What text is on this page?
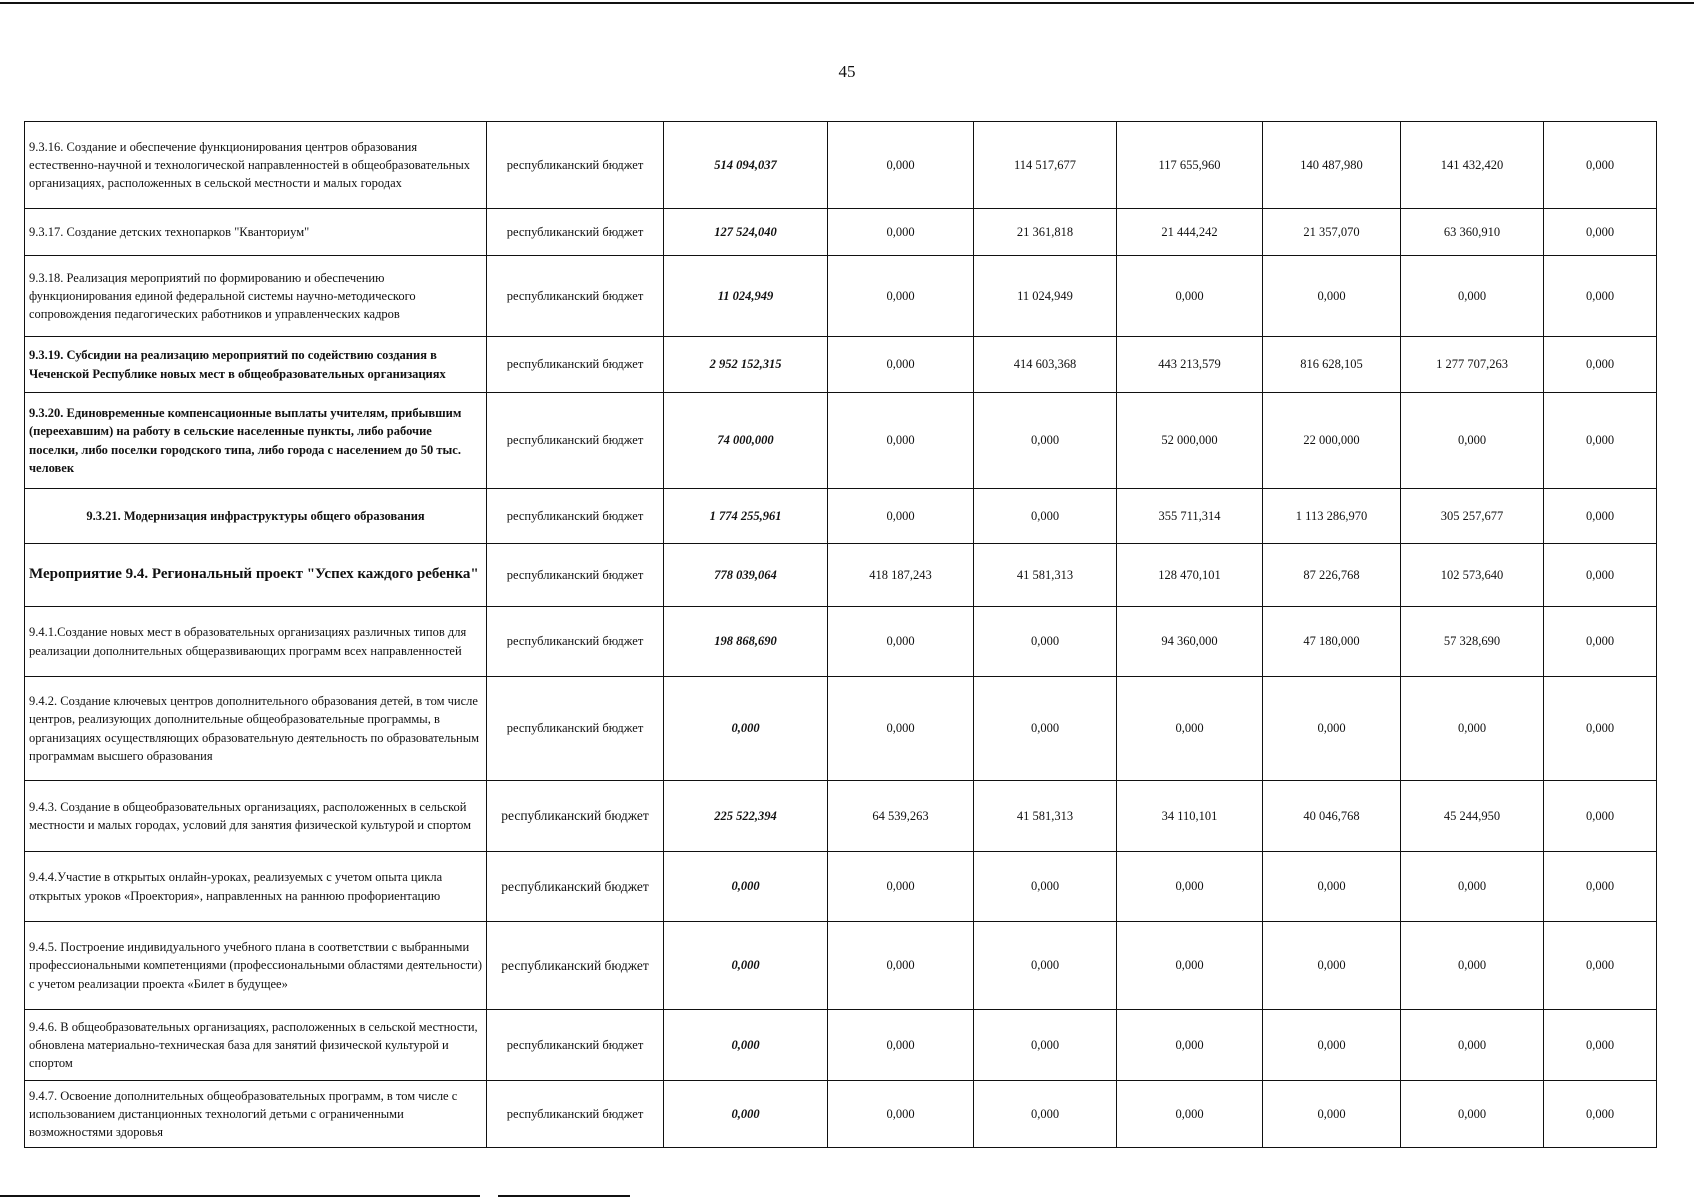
45
9.3.16. Создание и обеспечение функционирования центров образования естественно-научной и технологической направленностей в общеобразовательных организациях, расположенных в сельской местности и малых городах	республиканский бюджет	514 094,037	0,000	114 517,677	117 655,960	140 487,980	141 432,420	0,000
9.3.17. Создание детских технопарков "Кванториум"	республиканский бюджет	127 524,040	0,000	21 361,818	21 444,242	21 357,070	63 360,910	0,000
9.3.18. Реализация мероприятий по формированию и обеспечению функционирования единой федеральной системы научно-методического сопровождения педагогических работников и управленческих кадров	республиканский бюджет	11 024,949	0,000	11 024,949	0,000	0,000	0,000	0,000
9.3.19. Субсидии на реализацию мероприятий по содействию создания в Чеченской Республике новых мест в общеобразовательных организациях	республиканский бюджет	2 952 152,315	0,000	414 603,368	443 213,579	816 628,105	1 277 707,263	0,000
9.3.20. Единовременные компенсационные выплаты учителям, прибывшим (переехавшим) на работу в сельские населенные пункты, либо рабочие поселки, либо поселки городского типа, либо города с населением до 50 тыс. человек	республиканский бюджет	74 000,000	0,000	0,000	52 000,000	22 000,000	0,000	0,000
9.3.21. Модернизация инфраструктуры общего образования	республиканский бюджет	1 774 255,961	0,000	0,000	355 711,314	1 113 286,970	305 257,677	0,000
Мероприятие 9.4. Региональный проект "Успех каждого ребенка"	республиканский бюджет	778 039,064	418 187,243	41 581,313	128 470,101	87 226,768	102 573,640	0,000
9.4.1.Создание новых мест в образовательных организациях различных типов для реализации дополнительных общеразвивающих программ всех направленностей	республиканский бюджет	198 868,690	0,000	0,000	94 360,000	47 180,000	57 328,690	0,000
9.4.2. Создание ключевых центров дополнительного образования детей, в том числе центров, реализующих дополнительные общеобразовательные программы, в организациях осуществляющих образовательную деятельность по образовательным программам высшего образования	республиканский бюджет	0,000	0,000	0,000	0,000	0,000	0,000	0,000
9.4.3. Создание в общеобразовательных организациях, расположенных в сельской местности и малых городах, условий для занятия физической культурой и спортом	республиканский бюджет	225 522,394	64 539,263	41 581,313	34 110,101	40 046,768	45 244,950	0,000
9.4.4.Участие в открытых онлайн-уроках, реализуемых с учетом опыта цикла открытых уроков «Проектория», направленных на раннюю профориентацию	республиканский бюджет	0,000	0,000	0,000	0,000	0,000	0,000	0,000
9.4.5. Построение индивидуального учебного плана в соответствии с выбранными профессиональными компетенциями (профессиональными областями деятельности) с учетом реализации проекта «Билет в будущее»	республиканский бюджет	0,000	0,000	0,000	0,000	0,000	0,000	0,000
9.4.6. В общеобразовательных организациях, расположенных в сельской местности, обновлена материально-техническая база для занятий физической культурой и спортом	республиканский бюджет	0,000	0,000	0,000	0,000	0,000	0,000	0,000
9.4.7. Освоение дополнительных общеобразовательных программ, в том числе с использованием дистанционных технологий детьми с ограниченными возможностями здоровья	республиканский бюджет	0,000	0,000	0,000	0,000	0,000	0,000	0,000
